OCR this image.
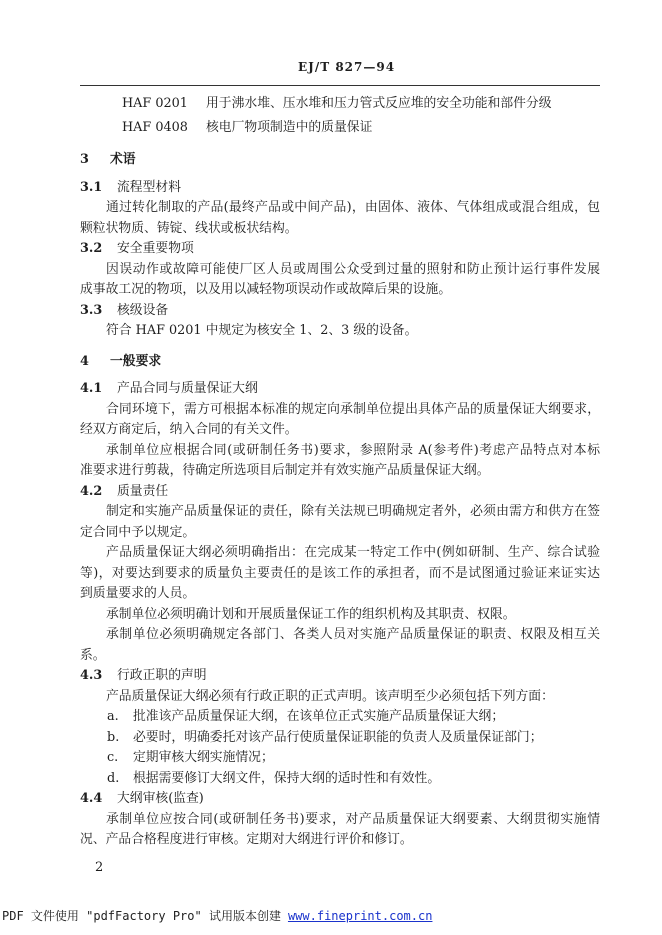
EJ/T 827—94
HAF 0201 用于沸水堆、压水堆和压力管式反应堆的安全功能和部件分级
HAF 0408 核电厂物项制造中的质量保证
3 术语
3.1 流程型材料
通过转化制取的产品(最终产品或中间产品)，由固体、液体、气体组成或混合组成，包
颗粒状物质、铸锭、线状或板状结构。
3.2 安全重要物项
因误动作或故障可能使厂区人员或周围公众受到过量的照射和防止预计运行事件发展
成事故工况的物项，以及用以减轻物项误动作或故障后果的设施。
3.3 核级设备
符合 HAF 0201 中规定为核安全 1、2、3 级的设备。
4 一般要求
4.1 产品合同与质量保证大纲
合同环境下，需方可根据本标准的规定向承制单位提出具体产品的质量保证大纲要求，
经双方商定后，纳入合同的有关文件。
承制单位应根据合同(或研制任务书)要求，参照附录 A(参考件)考虑产品特点对本标
准要求进行剪裁，待确定所选项目后制定并有效实施产品质量保证大纲。
4.2 质量责任
制定和实施产品质量保证的责任，除有关法规已明确规定者外，必须由需方和供方在签
定合同中予以规定。
产品质量保证大纲必须明确指出：在完成某一特定工作中(例如研制、生产、综合试验
等)，对要达到要求的质量负主要责任的是该工作的承担者，而不是试图通过验证来证实达
到质量要求的人员。
承制单位必须明确计划和开展质量保证工作的组织机构及其职责、权限。
承制单位必须明确规定各部门、各类人员对实施产品质量保证的职责、权限及相互关
系。
4.3 行政正职的声明
产品质量保证大纲必须有行政正职的正式声明。该声明至少必须包括下列方面：
a. 批准该产品质量保证大纲，在该单位正式实施产品质量保证大纲；
b. 必要时，明确委托对该产品行使质量保证职能的负责人及质量保证部门；
c. 定期审核大纲实施情况；
d. 根据需要修订大纲文件，保持大纲的适时性和有效性。
4.4 大纲审核(监查)
承制单位应按合同(或研制任务书)要求，对产品质量保证大纲要素、大纲贯彻实施情
况、产品合格程度进行审核。定期对大纲进行评价和修订。
2
PDF 文件使用 "pdfFactory Pro" 试用版本创建 www.fineprint.com.cn
